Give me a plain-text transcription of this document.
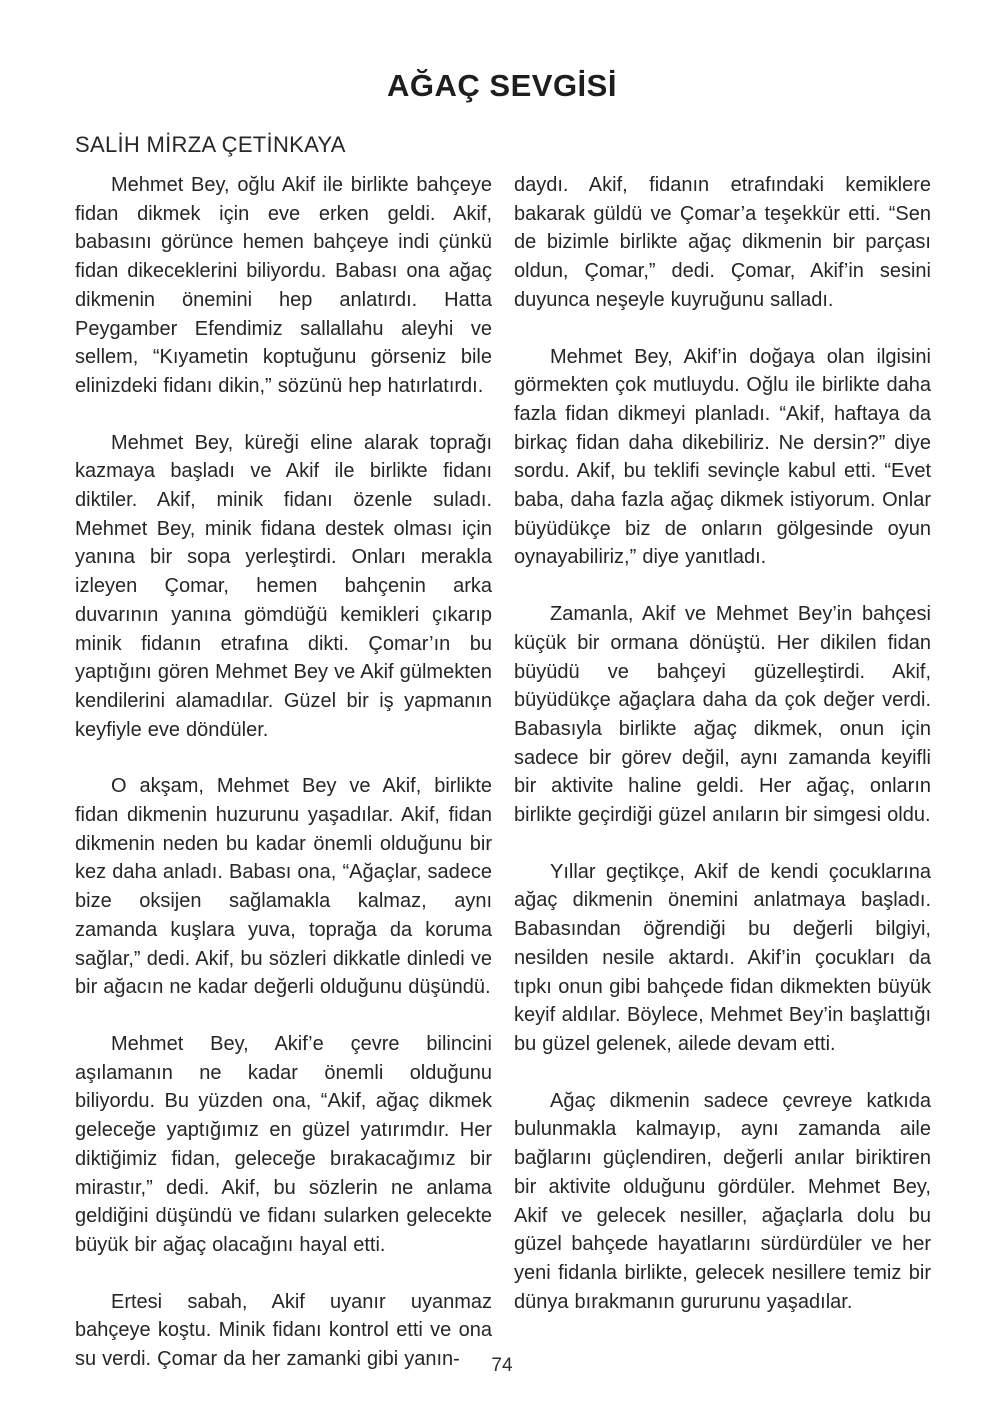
AĞAÇ SEVGİSİ
SALİH MİRZA ÇETİNKAYA

Mehmet Bey, oğlu Akif ile birlikte bahçeye fidan dikmek için eve erken geldi. Akif, babasını görünce hemen bahçeye indi çünkü fidan dikeceklerini biliyordu. Babası ona ağaç dikmenin önemini hep anlatırdı. Hatta Peygamber Efendimiz sallallahu aleyhi ve sellem, “Kıyametin koptuğunu görseniz bile elinizdeki fidanı dikin,” sözünü hep hatırlatırdı.

Mehmet Bey, küreği eline alarak toprağı kazmaya başladı ve Akif ile birlikte fidanı diktiler. Akif, minik fidanı özenle suladı. Mehmet Bey, minik fidana destek olması için yanına bir sopa yerleştirdi. Onları merakla izleyen Çomar, hemen bahçenin arka duvarının yanına gömdüğü kemikleri çıkarıp minik fidanın etrafına dikti. Çomar’ın bu yaptığını gören Mehmet Bey ve Akif gülmekten kendilerini alamadılar. Güzel bir iş yapmanın keyfiyle eve döndüler.

O akşam, Mehmet Bey ve Akif, birlikte fidan dikmenin huzurunu yaşadılar. Akif, fidan dikmenin neden bu kadar önemli olduğunu bir kez daha anladı. Babası ona, “Ağaçlar, sadece bize oksijen sağlamakla kalmaz, aynı zamanda kuşlara yuva, toprağa da koruma sağlar,” dedi. Akif, bu sözleri dikkatle dinledi ve bir ağacın ne kadar değerli olduğunu düşündü.

Mehmet Bey, Akif’e çevre bilincini aşılamanın ne kadar önemli olduğunu biliyordu. Bu yüzden ona, “Akif, ağaç dikmek geleceğe yaptığımız en güzel yatırımdır. Her diktiğimiz fidan, geleceğe bırakacağımız bir mirastır,” dedi. Akif, bu sözlerin ne anlama geldiğini düşündü ve fidanı sularken gelecekte büyük bir ağaç olacağını hayal etti.

Ertesi sabah, Akif uyanır uyanmaz bahçeye koştu. Minik fidanı kontrol etti ve ona su verdi. Çomar da her zamanki gibi yanın-

daydı. Akif, fidanın etrafındaki kemiklere bakarak güldü ve Çomar’a teşekkür etti. “Sen de bizimle birlikte ağaç dikmenin bir parçası oldun, Çomar,” dedi. Çomar, Akif’in sesini duyunca neşeyle kuyruğunu salladı.

Mehmet Bey, Akif’in doğaya olan ilgisini görmekten çok mutluydu. Oğlu ile birlikte daha fazla fidan dikmeyi planladı. “Akif, haftaya da birkaç fidan daha dikebiliriz. Ne dersin?” diye sordu. Akif, bu teklifi sevinçle kabul etti. “Evet baba, daha fazla ağaç dikmek istiyorum. Onlar büyüdükçe biz de onların gölgesinde oyun oynayabiliriz,” diye yanıtladı.

Zamanla, Akif ve Mehmet Bey’in bahçesi küçük bir ormana dönüştü. Her dikilen fidan büyüdü ve bahçeyi güzelleştirdi. Akif, büyüdükçe ağaçlara daha da çok değer verdi. Babasıyla birlikte ağaç dikmek, onun için sadece bir görev değil, aynı zamanda keyifli bir aktivite haline geldi. Her ağaç, onların birlikte geçirdiği güzel anıların bir simgesi oldu.

Yıllar geçtikçe, Akif de kendi çocuklarına ağaç dikmenin önemini anlatmaya başladı. Babasından öğrendiği bu değerli bilgiyi, nesilden nesile aktardı. Akif’in çocukları da tıpkı onun gibi bahçede fidan dikmekten büyük keyif aldılar. Böylece, Mehmet Bey’in başlattığı bu güzel gelenek, ailede devam etti.

Ağaç dikmenin sadece çevreye katkıda bulunmakla kalmayıp, aynı zamanda aile bağlarını güçlendiren, değerli anılar biriktiren bir aktivite olduğunu gördüler. Mehmet Bey, Akif ve gelecek nesiller, ağaçlarla dolu bu güzel bahçede hayatlarını sürdürdüler ve her yeni fidanla birlikte, gelecek nesillere temiz bir dünya bırakmanın gururunu yaşadılar.

74
